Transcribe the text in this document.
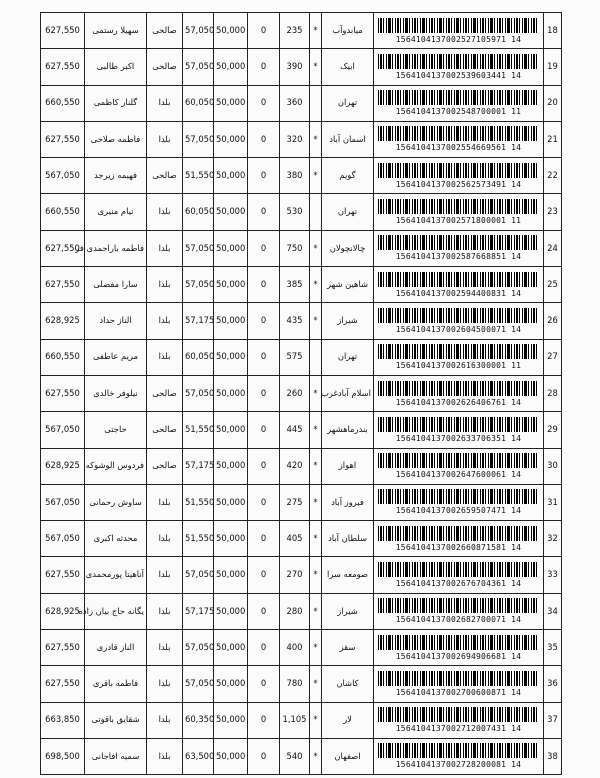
627,550	سهیلا رستمی	صالحی	57,050	50,000	0	235	*	میاندوآب	1564104137002527105971 14	18
627,550	اکبر طالبی	صالحی	57,050	50,000	0	390	*	ابیک	1564104137002539603441 14	19
660,550	گلنار کاظمی	بلدا	60,050	50,000	0	360		تهران	1564104137002548700001 11	20
627,550	فاطمه صلاحی	بلدا	57,050	50,000	0	320	*	اسمان آباد	1564104137002554669561 14	21
567,050	فهیمه زیرجد	صالحی	51,550	50,000	0	380	*	گویم	1564104137002562573491 14	22
660,550	تیام منیری	بلدا	60,050	50,000	0	530		تهران	1564104137002571800001 11	23
627,550	فاطمه باراحمدی فر	بلدا	57,050	50,000	0	750	*	چالانچولان	1564104137002587668851 14	24
627,550	سارا مفضلی	بلدا	57,050	50,000	0	385	*	شاهین شهر	1564104137002594400831 14	25
628,925	الناز حداد	بلدا	57,175	50,000	0	435	*	شیراز	1564104137002604500071 14	26
660,550	مریم عاطفی	بلدا	60,050	50,000	0	575		تهران	1564104137002616300001 11	27
627,550	نیلوفر خالدی	صالحی	57,050	50,000	0	260	*	اسلام آبادغرب	1564104137002626406761 14	28
567,050	حاجتی	صالحی	51,550	50,000	0	445	*	بندرماهشهر	1564104137002633706351 14	29
628,925	فردوس الوشوکه	صالحی	57,175	50,000	0	420	*	اهواز	1564104137002647600061 14	30
567,050	ساوش رحمانی	بلدا	51,550	50,000	0	275	*	فیروز آباد	1564104137002659507471 14	31
567,050	محدثه اکبری	بلدا	51,550	50,000	0	405	*	سلطان آباد	1564104137002660871581 14	32
627,550	آناهیتا پورمحمدی	بلدا	57,050	50,000	0	270	*	صومعه سرا	1564104137002676704361 14	33
628,925	یگانه حاج بیان زاده	بلدا	57,175	50,000	0	280	*	شیراز	1564104137002682700071 14	34
627,550	الناز قادری	بلدا	57,050	50,000	0	400	*	سقز	1564104137002694906681 14	35
627,550	فاطمه باقری	بلدا	57,050	50,000	0	780	*	کاشان	1564104137002700600871 14	36
663,850	شقایق باقوتی	بلدا	60,350	50,000	0	1,105	*	لار	1564104137002712007431 14	37
698,500	سمیه افاجانی	بلدا	63,500	50,000	0	540	*	اصفهان	1564104137002728200081 14	38
